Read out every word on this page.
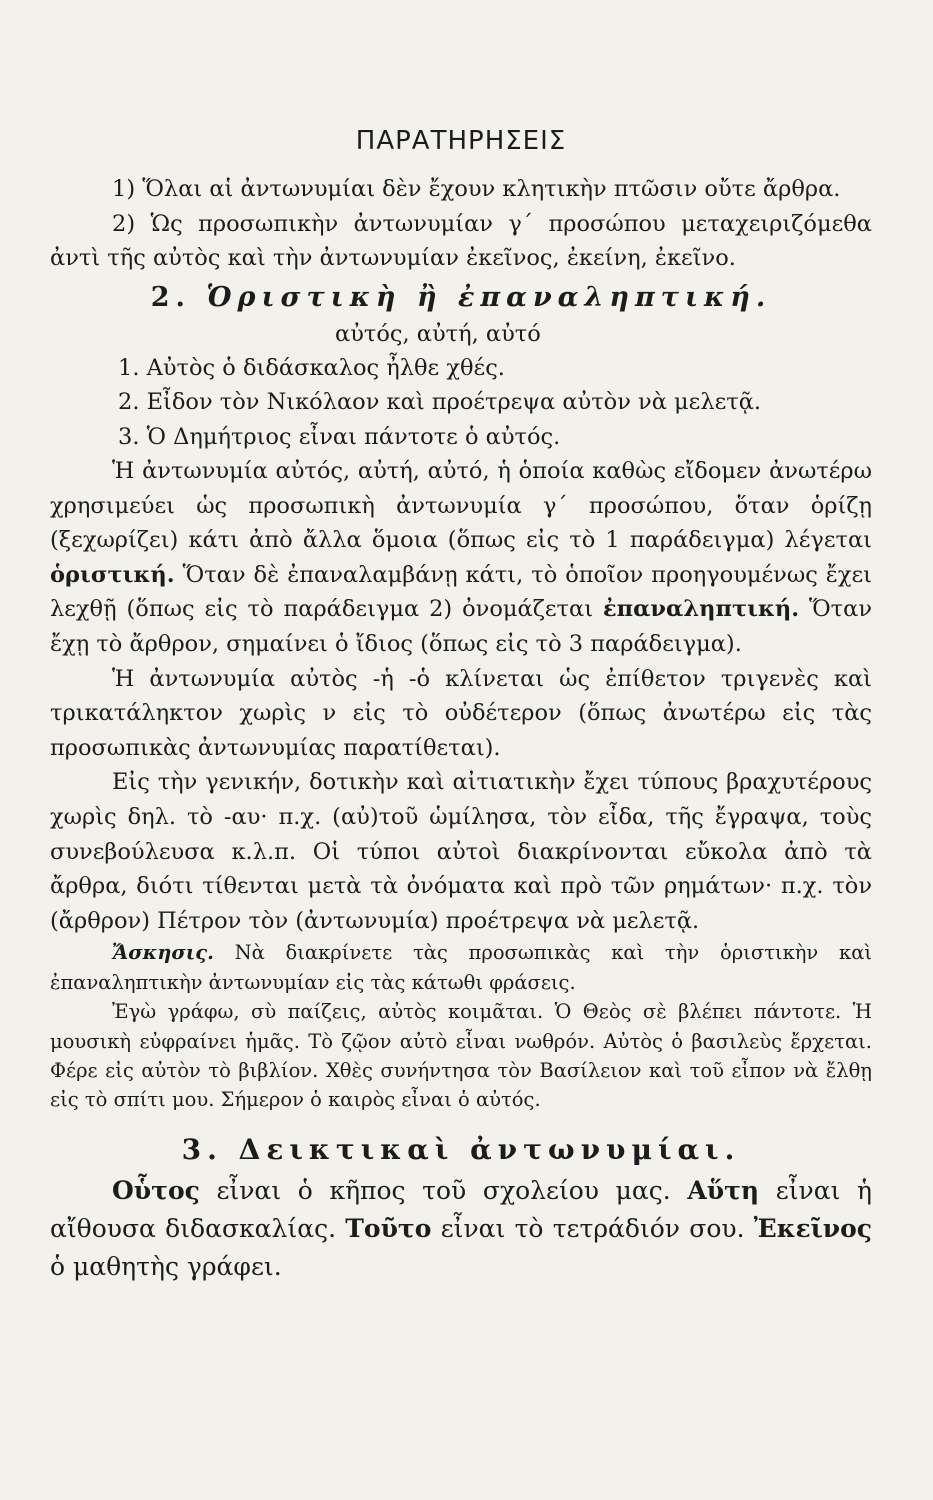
ΠΑΡΑΤΗΡΗΣΕΙΣ

1) Ὅλαι αἱ ἀντωνυμίαι δὲν ἔχουν κλητικὴν πτῶσιν οὔτε ἄρθρα.

2) Ὡς προσωπικὴν ἀντωνυμίαν γ΄ προσώπου μεταχειριζόμεθα ἀντὶ τῆς αὐτὸς καὶ τὴν ἀντωνυμίαν ἐκεῖνος, ἐκείνη, ἐκεῖνο.

2. Ὁριστικὴ ἢ ἐπαναληπτική.
αὐτός, αὐτή, αὐτό
1. Αὐτὸς ὁ διδάσκαλος ἦλθε χθές.
2. Εἶδον τὸν Νικόλαον καὶ προέτρεψα αὐτὸν νὰ μελετᾷ.
3. Ὁ Δημήτριος εἶναι πάντοτε ὁ αὐτός.

Ἡ ἀντωνυμία αὐτός, αὐτή, αὐτό, ἡ ὁποία καθὼς εἴδομεν ἀνωτέρω χρησιμεύει ὡς προσωπικὴ ἀντωνυμία γ΄ προσώπου, ὅταν ὁρίζῃ (ξεχωρίζει) κάτι ἀπὸ ἄλλα ὅμοια (ὅπως εἰς τὸ 1 παράδειγμα) λέγεται ὁριστική. Ὅταν δὲ ἐπαναλαμβάνῃ κάτι, τὸ ὁποῖον προηγουμένως ἔχει λεχθῇ (ὅπως εἰς τὸ παράδειγμα 2) ὀνομάζεται ἐπαναληπτική. Ὅταν ἔχῃ τὸ ἄρθρον, σημαίνει ὁ ἴδιος (ὅπως εἰς τὸ 3 παράδειγμα).

Ἡ ἀντωνυμία αὐτὸς -ἡ -ὁ κλίνεται ὡς ἐπίθετον τριγενὲς καὶ τρικατάληκτον χωρὶς ν εἰς τὸ οὐδέτερον (ὅπως ἀνωτέρω εἰς τὰς προσωπικὰς ἀντωνυμίας παρατίθεται).

Εἰς τὴν γενικήν, δοτικὴν καὶ αἰτιατικὴν ἔχει τύπους βραχυτέρους χωρὶς δηλ. τὸ -αυ· π.χ. (αὐ)τοῦ ὡμίλησα, τὸν εἶδα, τῆς ἔγραψα, τοὺς συνεβούλευσα κ.λ.π. Οἱ τύποι αὐτοὶ διακρίνονται εὔκολα ἀπὸ τὰ ἄρθρα, διότι τίθενται μετὰ τὰ ὀνόματα καὶ πρὸ τῶν ρημάτων· π.χ. τὸν (ἄρθρον) Πέτρον τὸν (ἀντωνυμία) προέτρεψα νὰ μελετᾷ.

Ἄσκησις. Νὰ διακρίνετε τὰς προσωπικὰς καὶ τὴν ὁριστικὴν καὶ ἐπαναληπτικὴν ἀντωνυμίαν εἰς τὰς κάτωθι φράσεις.

Ἐγὼ γράφω, σὺ παίζεις, αὐτὸς κοιμᾶται. Ὁ Θεὸς σὲ βλέπει πάντοτε. Ἡ μουσικὴ εὐφραίνει ἡμᾶς. Τὸ ζῷον αὐτὸ εἶναι νωθρόν. Αὐτὸς ὁ βασιλεὺς ἔρχεται. Φέρε εἰς αὐτὸν τὸ βιβλίον. Χθὲς συνήντησα τὸν Βασίλειον καὶ τοῦ εἶπον νὰ ἔλθῃ εἰς τὸ σπίτι μου. Σήμερον ὁ καιρὸς εἶναι ὁ αὐτός.

3. Δεικτικαὶ ἀντωνυμίαι.

Οὗτος εἶναι ὁ κῆπος τοῦ σχολείου μας. Αὕτη εἶναι ἡ αἴθουσα διδασκαλίας. Τοῦτο εἶναι τὸ τετράδιόν σου. Ἐκεῖνος ὁ μαθητὴς γράφει.
